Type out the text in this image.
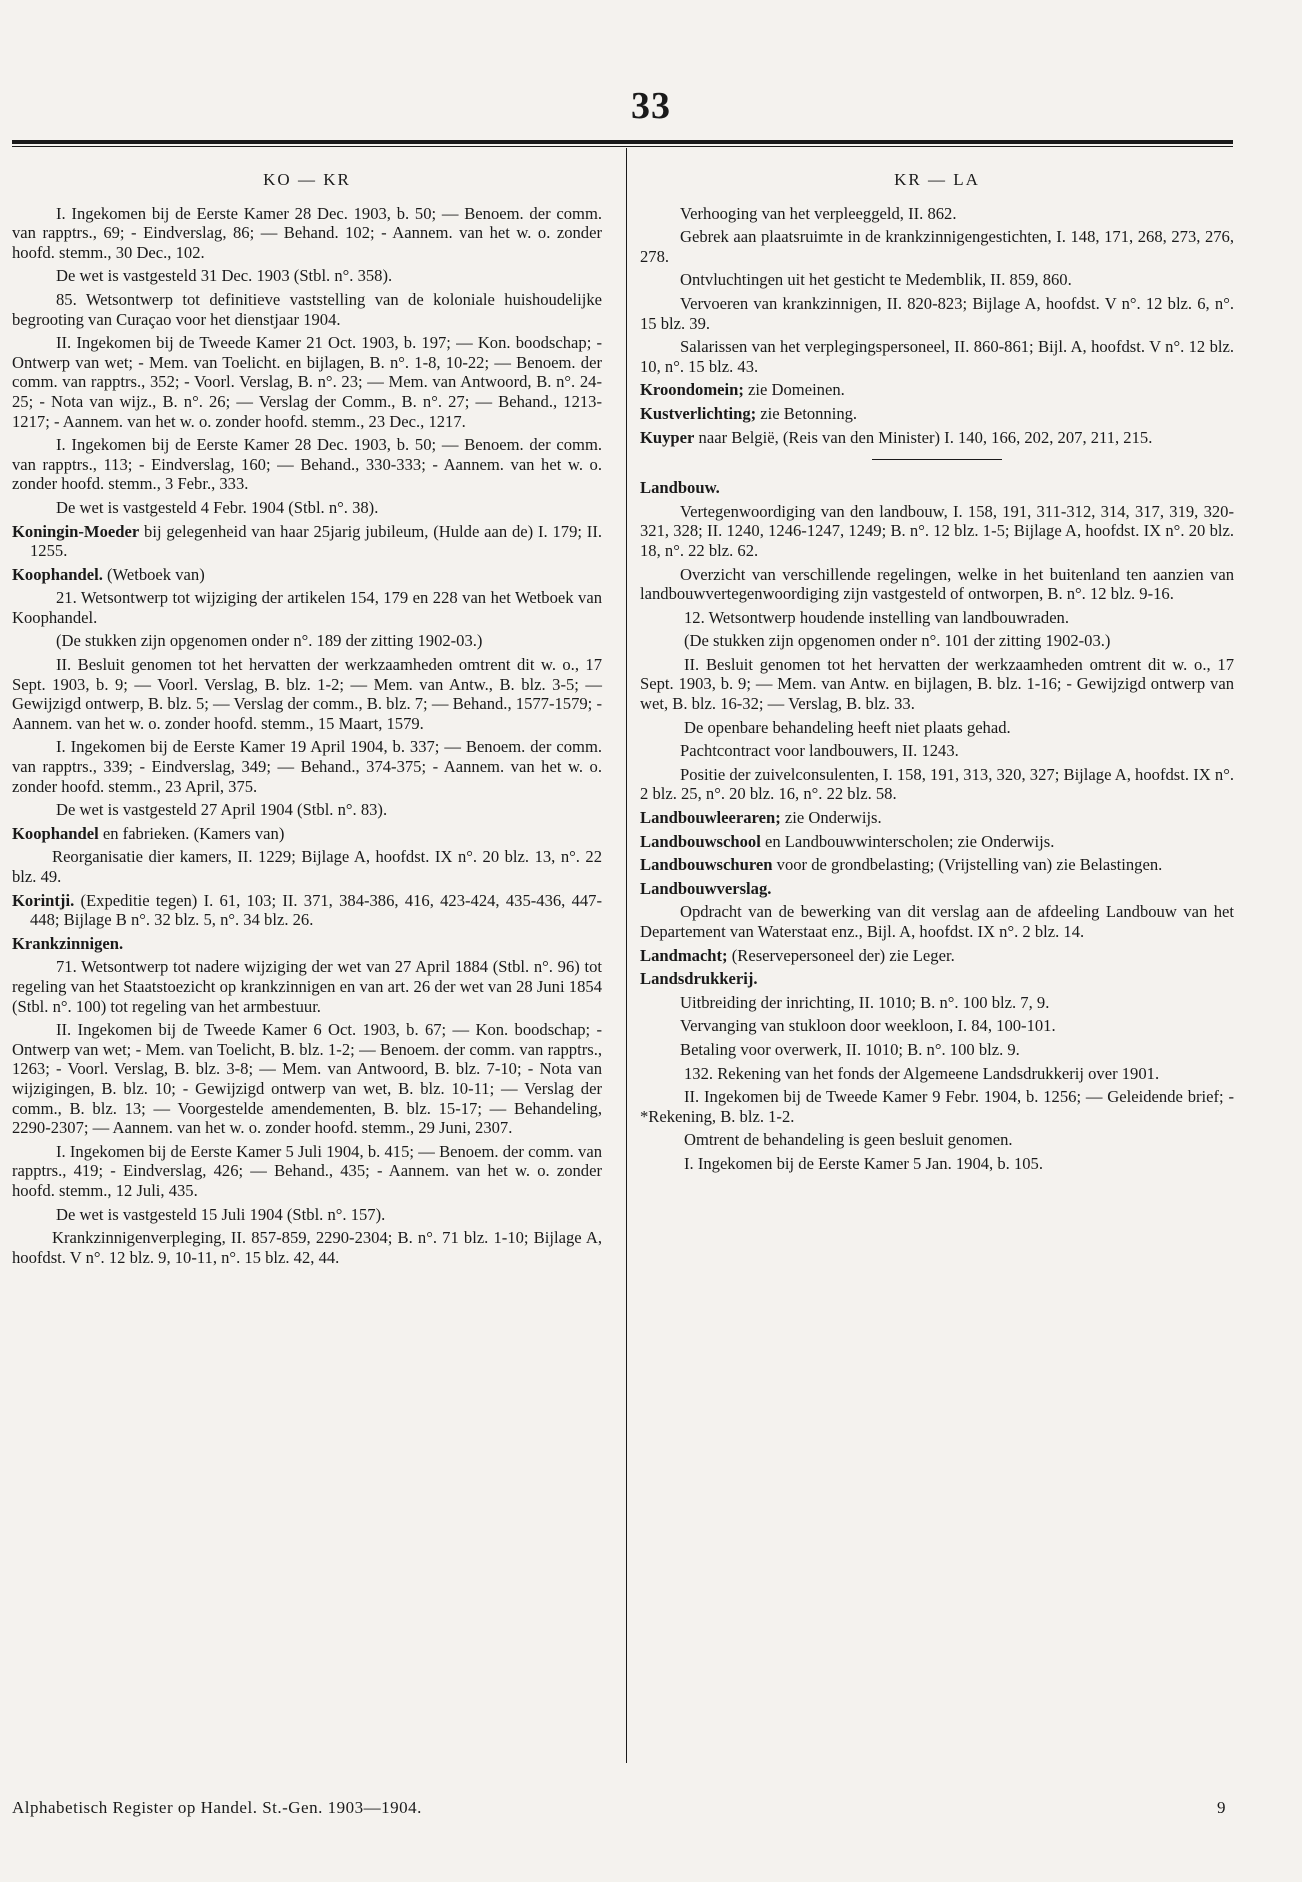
33
KO — KR
I. Ingekomen bij de Eerste Kamer 28 Dec. 1903, b. 50; — Benoem. der comm. van rapptrs., 69; - Eindverslag, 86; — Behand. 102; - Aannem. van het w. o. zonder hoofd. stemm., 30 Dec., 102.
De wet is vastgesteld 31 Dec. 1903 (Stbl. n°. 358).
85. Wetsontwerp tot definitieve vaststelling van de koloniale huishoudelijke begrooting van Curaçao voor het dienstjaar 1904.
II. Ingekomen bij de Tweede Kamer 21 Oct. 1903, b. 197; — Kon. boodschap; - Ontwerp van wet; - Mem. van Toelicht. en bijlagen, B. n°. 1-8, 10-22; — Benoem. der comm. van rapptrs., 352; - Voorl. Verslag, B. n°. 23; — Mem. van Antwoord, B. n°. 24-25; - Nota van wijz., B. n°. 26; — Verslag der Comm., B. n°. 27; — Behand., 1213-1217; - Aannem. van het w. o. zonder hoofd. stemm., 23 Dec., 1217.
I. Ingekomen bij de Eerste Kamer 28 Dec. 1903, b. 50; — Benoem. der comm. van rapptrs., 113; - Eindverslag, 160; — Behand., 330-333; - Aannem. van het w. o. zonder hoofd. stemm., 3 Febr., 333.
De wet is vastgesteld 4 Febr. 1904 (Stbl. n°. 38).
Koningin-Moeder bij gelegenheid van haar 25jarig jubileum, (Hulde aan de) I. 179; II. 1255.
Koophandel. (Wetboek van)
21. Wetsontwerp tot wijziging der artikelen 154, 179 en 228 van het Wetboek van Koophandel.
(De stukken zijn opgenomen onder n°. 189 der zitting 1902-03.)
II. Besluit genomen tot het hervatten der werkzaamheden omtrent dit w. o., 17 Sept. 1903, b. 9; — Voorl. Verslag, B. blz. 1-2; — Mem. van Antw., B. blz. 3-5; — Gewijzigd ontwerp, B. blz. 5; — Verslag der comm., B. blz. 7; — Behand., 1577-1579; - Aannem. van het w. o. zonder hoofd. stemm., 15 Maart, 1579.
I. Ingekomen bij de Eerste Kamer 19 April 1904, b. 337; — Benoem. der comm. van rapptrs., 339; - Eindverslag, 349; — Behand., 374-375; - Aannem. van het w. o. zonder hoofd. stemm., 23 April, 375.
De wet is vastgesteld 27 April 1904 (Stbl. n°. 83).
Koophandel en fabrieken. (Kamers van)
Reorganisatie dier kamers, II. 1229; Bijlage A, hoofdst. IX n°. 20 blz. 13, n°. 22 blz. 49.
Korintji. (Expeditie tegen) I. 61, 103; II. 371, 384-386, 416, 423-424, 435-436, 447-448; Bijlage B n°. 32 blz. 5, n°. 34 blz. 26.
Krankzinnigen.
71. Wetsontwerp tot nadere wijziging der wet van 27 April 1884 (Stbl. n°. 96) tot regeling van het Staatstoezicht op krankzinnigen en van art. 26 der wet van 28 Juni 1854 (Stbl. n°. 100) tot regeling van het armbestuur.
II. Ingekomen bij de Tweede Kamer 6 Oct. 1903, b. 67; — Kon. boodschap; - Ontwerp van wet; - Mem. van Toelicht, B. blz. 1-2; — Benoem. der comm. van rapptrs., 1263; - Voorl. Verslag, B. blz. 3-8; — Mem. van Antwoord, B. blz. 7-10; - Nota van wijzigingen, B. blz. 10; - Gewijzigd ontwerp van wet, B. blz. 10-11; — Verslag der comm., B. blz. 13; — Voorgestelde amendementen, B. blz. 15-17; — Behandeling, 2290-2307; — Aannem. van het w. o. zonder hoofd. stemm., 29 Juni, 2307.
I. Ingekomen bij de Eerste Kamer 5 Juli 1904, b. 415; — Benoem. der comm. van rapptrs., 419; - Eindverslag, 426; — Behand., 435; - Aannem. van het w. o. zonder hoofd. stemm., 12 Juli, 435.
De wet is vastgesteld 15 Juli 1904 (Stbl. n°. 157).
Krankzinnigenverpleging, II. 857-859, 2290-2304; B. n°. 71 blz. 1-10; Bijlage A, hoofdst. V n°. 12 blz. 9, 10-11, n°. 15 blz. 42, 44.
KR — LA
Verhooging van het verpleeggeld, II. 862.
Gebrek aan plaatsruimte in de krankzinnigengestichten, I. 148, 171, 268, 273, 276, 278.
Ontvluchtingen uit het gesticht te Medemblik, II. 859, 860.
Vervoeren van krankzinnigen, II. 820-823; Bijlage A, hoofdst. V n°. 12 blz. 6, n°. 15 blz. 39.
Salarissen van het verplegingspersoneel, II. 860-861; Bijl. A, hoofdst. V n°. 12 blz. 10, n°. 15 blz. 43.
Kroondomein; zie Domeinen.
Kustverlichting; zie Betonning.
Kuyper naar België, (Reis van den Minister) I. 140, 166, 202, 207, 211, 215.
Landbouw.
Vertegenwoordiging van den landbouw, I. 158, 191, 311-312, 314, 317, 319, 320-321, 328; II. 1240, 1246-1247, 1249; B. n°. 12 blz. 1-5; Bijlage A, hoofdst. IX n°. 20 blz. 18, n°. 22 blz. 62.
Overzicht van verschillende regelingen, welke in het buitenland ten aanzien van landbouwvertegenwoordiging zijn vastgesteld of ontworpen, B. n°. 12 blz. 9-16.
12. Wetsontwerp houdende instelling van landbouwraden.
(De stukken zijn opgenomen onder n°. 101 der zitting 1902-03.)
II. Besluit genomen tot het hervatten der werkzaamheden omtrent dit w. o., 17 Sept. 1903, b. 9; — Mem. van Antw. en bijlagen, B. blz. 1-16; - Gewijzigd ontwerp van wet, B. blz. 16-32; — Verslag, B. blz. 33.
De openbare behandeling heeft niet plaats gehad.
Pachtcontract voor landbouwers, II. 1243.
Positie der zuivelconsulenten, I. 158, 191, 313, 320, 327; Bijlage A, hoofdst. IX n°. 2 blz. 25, n°. 20 blz. 16, n°. 22 blz. 58.
Landbouwleeraren; zie Onderwijs.
Landbouwschool en Landbouwwinterscholen; zie Onderwijs.
Landbouwschuren voor de grondbelasting; (Vrijstelling van) zie Belastingen.
Landbouwverslag.
Opdracht van de bewerking van dit verslag aan de afdeeling Landbouw van het Departement van Waterstaat enz., Bijl. A, hoofdst. IX n°. 2 blz. 14.
Landmacht; (Reservepersoneel der) zie Leger.
Landsdrukkerij.
Uitbreiding der inrichting, II. 1010; B. n°. 100 blz. 7, 9.
Vervanging van stukloon door weekloon, I. 84, 100-101.
Betaling voor overwerk, II. 1010; B. n°. 100 blz. 9.
132. Rekening van het fonds der Algemeene Landsdrukkerij over 1901.
II. Ingekomen bij de Tweede Kamer 9 Febr. 1904, b. 1256; — Geleidende brief; - *Rekening, B. blz. 1-2.
Omtrent de behandeling is geen besluit genomen.
I. Ingekomen bij de Eerste Kamer 5 Jan. 1904, b. 105.
Alphabetisch Register op Handel. St.-Gen. 1903—1904.	9
